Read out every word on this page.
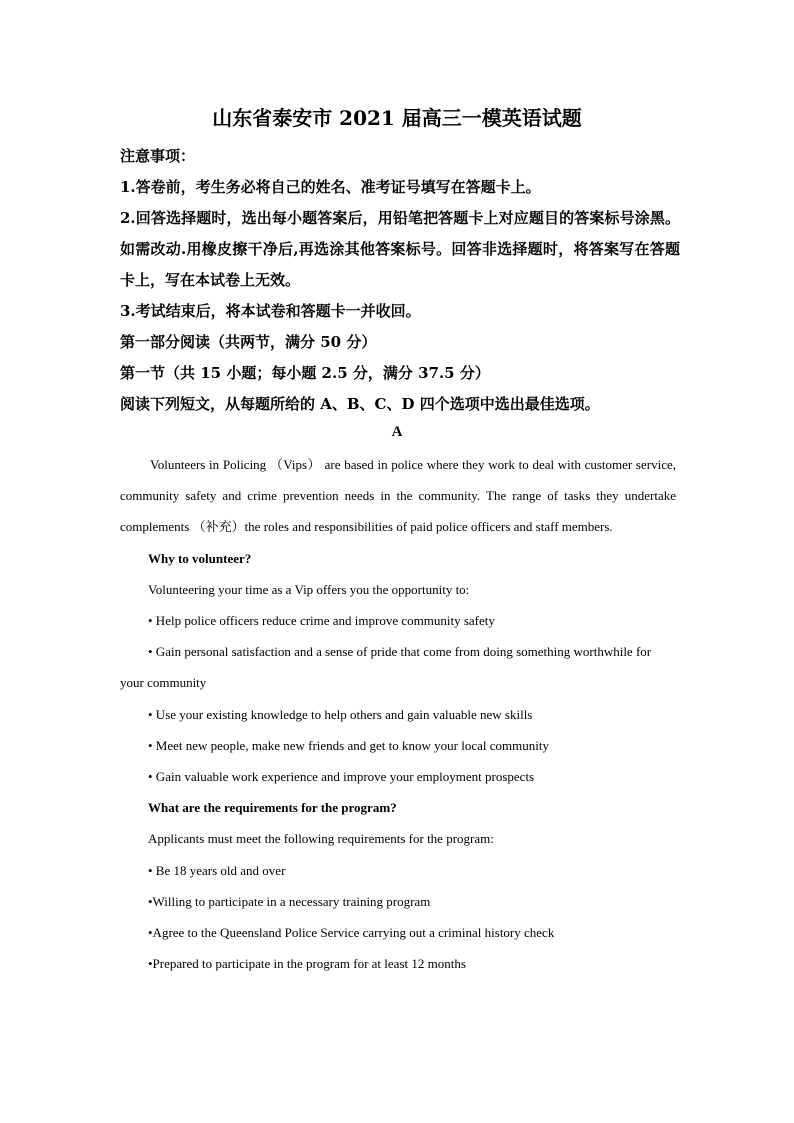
山东省泰安市 2021 届高三一模英语试题

注意事项：

1.答卷前，考生务必将自己的姓名、准考证号填写在答题卡上。

2.回答选择题时，选出每小题答案后，用铅笔把答题卡上对应题目的答案标号涂黑。如需改动.用橡皮擦干净后,再选涂其他答案标号。回答非选择题时，将答案写在答题卡上，写在本试卷上无效。

3.考试结束后，将本试卷和答题卡一并收回。

第一部分阅读（共两节，满分 50 分）

第一节（共 15 小题；每小题 2.5 分，满分 37.5 分）

阅读下列短文，从每题所给的 A、B、C、D 四个选项中选出最佳选项。

A

Volunteers in Policing （Vips） are based in police where they work to deal with customer service, community safety and crime prevention needs in the community. The range of tasks they undertake complements （补充）the roles and responsibilities of paid police officers and staff members.

Why to volunteer?

Volunteering your time as a Vip offers you the opportunity to:

• Help police officers reduce crime and improve community safety

• Gain personal satisfaction and a sense of pride that come from doing something worthwhile for your community

• Use your existing knowledge to help others and gain valuable new skills

• Meet new people, make new friends and get to know your local community

• Gain valuable work experience and improve your employment prospects

What are the requirements for the program?

Applicants must meet the following requirements for the program:

• Be 18 years old and over

•Willing to participate in a necessary training program

•Agree to the Queensland Police Service carrying out a criminal history check

•Prepared to participate in the program for at least 12 months
